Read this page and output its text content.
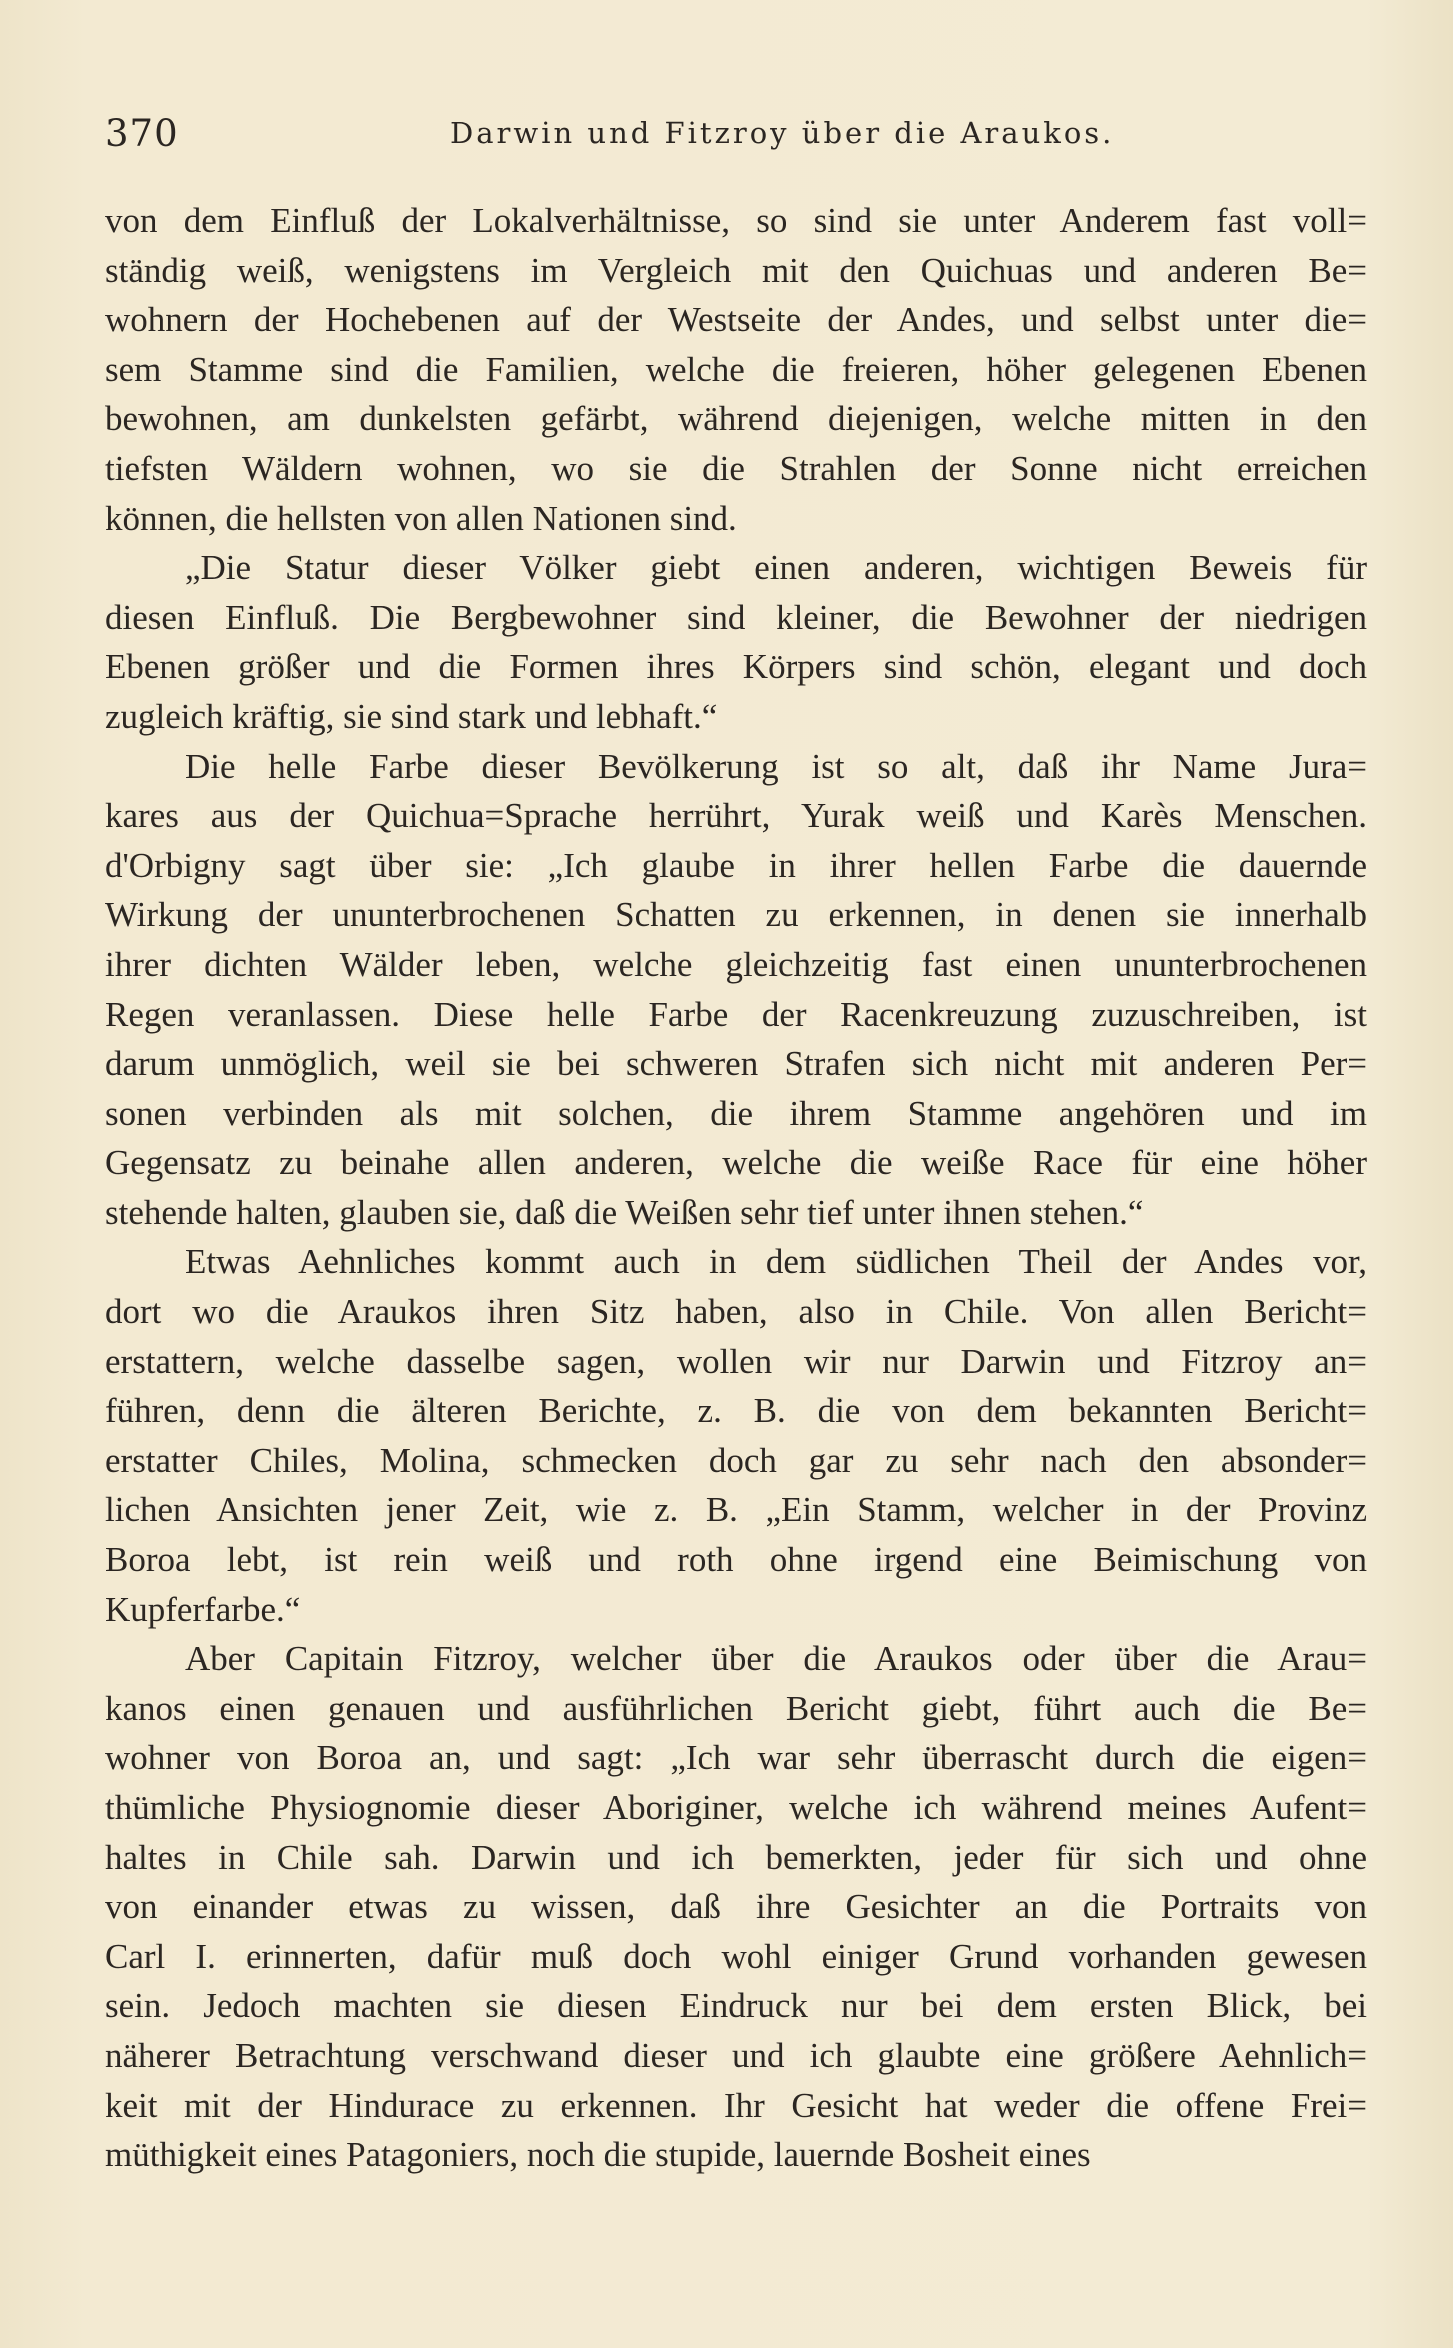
370	Darwin und Fitzroy über die Araukos.
von dem Einfluß der Lokalverhältnisse, so sind sie unter Anderem fast voll=
ständig weiß, wenigstens im Vergleich mit den Quichuas und anderen Be=
wohnern der Hochebenen auf der Westseite der Andes, und selbst unter die=
sem Stamme sind die Familien, welche die freieren, höher gelegenen Ebenen
bewohnen, am dunkelsten gefärbt, während diejenigen, welche mitten in den
tiefsten Wäldern wohnen, wo sie die Strahlen der Sonne nicht erreichen
können, die hellsten von allen Nationen sind.
„Die Statur dieser Völker giebt einen anderen, wichtigen Beweis für
diesen Einfluß. Die Bergbewohner sind kleiner, die Bewohner der niedrigen
Ebenen größer und die Formen ihres Körpers sind schön, elegant und doch
zugleich kräftig, sie sind stark und lebhaft.“
Die helle Farbe dieser Bevölkerung ist so alt, daß ihr Name Jura=
kares aus der Quichua=Sprache herrührt, Yurak weiß und Karès Menschen.
d'Orbigny sagt über sie: „Ich glaube in ihrer hellen Farbe die dauernde
Wirkung der ununterbrochenen Schatten zu erkennen, in denen sie innerhalb
ihrer dichten Wälder leben, welche gleichzeitig fast einen ununterbrochenen
Regen veranlassen. Diese helle Farbe der Racenkreuzung zuzuschreiben, ist
darum unmöglich, weil sie bei schweren Strafen sich nicht mit anderen Per=
sonen verbinden als mit solchen, die ihrem Stamme angehören und im
Gegensatz zu beinahe allen anderen, welche die weiße Race für eine höher
stehende halten, glauben sie, daß die Weißen sehr tief unter ihnen stehen.“
Etwas Aehnliches kommt auch in dem südlichen Theil der Andes vor,
dort wo die Araukos ihren Sitz haben, also in Chile. Von allen Bericht=
erstattern, welche dasselbe sagen, wollen wir nur Darwin und Fitzroy an=
führen, denn die älteren Berichte, z. B. die von dem bekannten Bericht=
erstatter Chiles, Molina, schmecken doch gar zu sehr nach den absonder=
lichen Ansichten jener Zeit, wie z. B. „Ein Stamm, welcher in der Provinz
Boroa lebt, ist rein weiß und roth ohne irgend eine Beimischung von
Kupferfarbe.“
Aber Capitain Fitzroy, welcher über die Araukos oder über die Arau=
kanos einen genauen und ausführlichen Bericht giebt, führt auch die Be=
wohner von Boroa an, und sagt: „Ich war sehr überrascht durch die eigen=
thümliche Physiognomie dieser Aboriginer, welche ich während meines Aufent=
haltes in Chile sah. Darwin und ich bemerkten, jeder für sich und ohne
von einander etwas zu wissen, daß ihre Gesichter an die Portraits von
Carl I. erinnerten, dafür muß doch wohl einiger Grund vorhanden gewesen
sein. Jedoch machten sie diesen Eindruck nur bei dem ersten Blick, bei
näherer Betrachtung verschwand dieser und ich glaubte eine größere Aehnlich=
keit mit der Hindurace zu erkennen. Ihr Gesicht hat weder die offene Frei=
müthigkeit eines Patagoniers, noch die stupide, lauernde Bosheit eines
